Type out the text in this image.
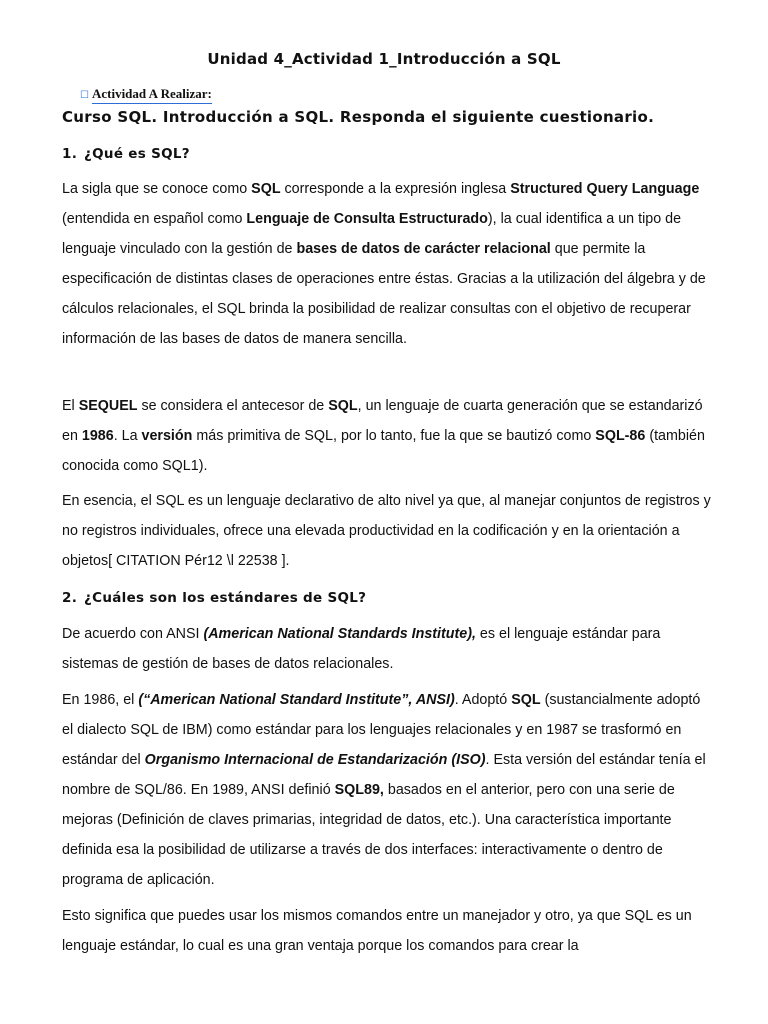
Unidad 4_Actividad 1_Introducción a SQL
☐ Actividad A Realizar:
Curso SQL. Introducción a SQL. Responda el siguiente cuestionario.
1. ¿Qué es SQL?

La sigla que se conoce como SQL corresponde a la expresión inglesa Structured Query Language (entendida en español como Lenguaje de Consulta Estructurado), la cual identifica a un tipo de lenguaje vinculado con la gestión de bases de datos de carácter relacional que permite la especificación de distintas clases de operaciones entre éstas. Gracias a la utilización del álgebra y de cálculos relacionales, el SQL brinda la posibilidad de realizar consultas con el objetivo de recuperar información de las bases de datos de manera sencilla.

El SEQUEL se considera el antecesor de SQL, un lenguaje de cuarta generación que se estandarizó en 1986. La versión más primitiva de SQL, por lo tanto, fue la que se bautizó como SQL-86 (también conocida como SQL1).

En esencia, el SQL es un lenguaje declarativo de alto nivel ya que, al manejar conjuntos de registros y no registros individuales, ofrece una elevada productividad en la codificación y en la orientación a objetos[ CITATION Pér12 \l 22538 ].

2. ¿Cuáles son los estándares de SQL?

De acuerdo con ANSI (American National Standards Institute), es el lenguaje estándar para sistemas de gestión de bases de datos relacionales.

En 1986, el (“American National Standard Institute”, ANSI). Adoptó SQL (sustancialmente adoptó el dialecto SQL de IBM) como estándar para los lenguajes relacionales y en 1987 se trasformó en estándar del Organismo Internacional de Estandarización (ISO). Esta versión del estándar tenía el nombre de SQL/86. En 1989, ANSI definió SQL89, basados en el anterior, pero con una serie de mejoras (Definición de claves primarias, integridad de datos, etc.). Una característica importante definida esa la posibilidad de utilizarse a través de dos interfaces: interactivamente o dentro de programa de aplicación.

Esto significa que puedes usar los mismos comandos entre un manejador y otro, ya que SQL es un lenguaje estándar, lo cual es una gran ventaja porque los comandos para crear la
